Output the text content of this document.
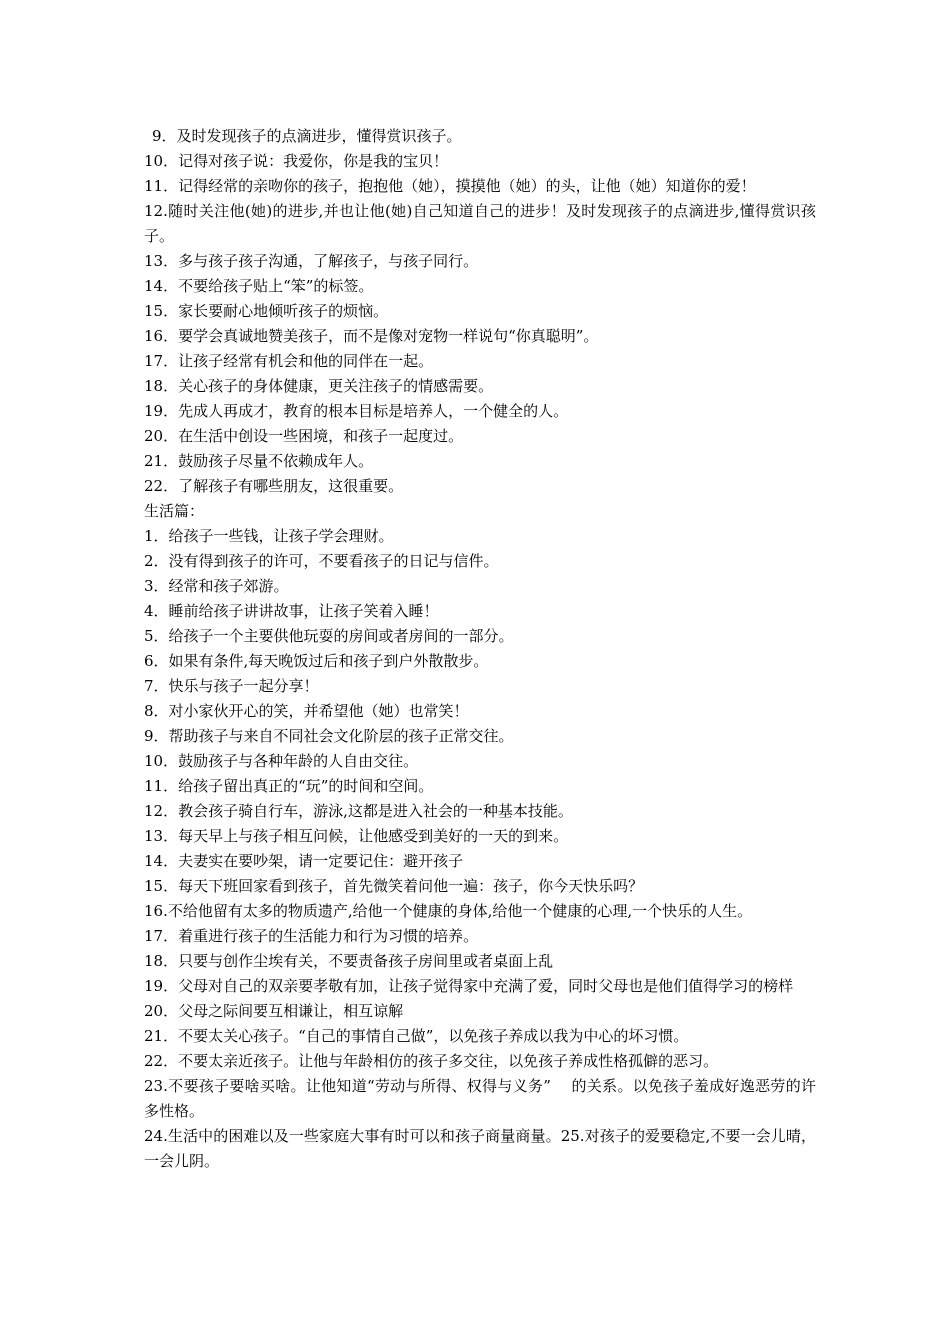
9．及时发现孩子的点滴进步，懂得赏识孩子。
10．记得对孩子说：我爱你，你是我的宝贝！
11．记得经常的亲吻你的孩子，抱抱他（她），摸摸他（她）的头，让他（她）知道你的爱！
12.随时关注他(她)的进步,并也让他(她)自己知道自己的进步！及时发现孩子的点滴进步,懂得赏识孩子。
13．多与孩子孩子沟通，了解孩子，与孩子同行。
14．不要给孩子贴上“笨”的标签。
15．家长要耐心地倾听孩子的烦恼。
16．要学会真诚地赞美孩子，而不是像对宠物一样说句“你真聪明”。
17．让孩子经常有机会和他的同伴在一起。
18．关心孩子的身体健康，更关注孩子的情感需要。
19．先成人再成才，教育的根本目标是培养人，一个健全的人。
20．在生活中创设一些困境，和孩子一起度过。
21．鼓励孩子尽量不依赖成年人。
22．了解孩子有哪些朋友，这很重要。
生活篇：
1．给孩子一些钱，让孩子学会理财。
2．没有得到孩子的许可，不要看孩子的日记与信件。
3．经常和孩子郊游。
4．睡前给孩子讲讲故事，让孩子笑着入睡！
5．给孩子一个主要供他玩耍的房间或者房间的一部分。
6．如果有条件,每天晚饭过后和孩子到户外散散步。
7．快乐与孩子一起分享！
8．对小家伙开心的笑，并希望他（她）也常笑！
9．帮助孩子与来自不同社会文化阶层的孩子正常交往。
10．鼓励孩子与各种年龄的人自由交往。
11．给孩子留出真正的“玩”的时间和空间。
12．教会孩子骑自行车，游泳,这都是进入社会的一种基本技能。
13．每天早上与孩子相互问候，让他感受到美好的一天的到来。
14．夫妻实在要吵架，请一定要记住：避开孩子
15．每天下班回家看到孩子，首先微笑着问他一遍：孩子，你今天快乐吗？
16.不给他留有太多的物质遗产,给他一个健康的身体,给他一个健康的心理,一个快乐的人生。
17．着重进行孩子的生活能力和行为习惯的培养。
18．只要与创作尘埃有关，不要责备孩子房间里或者桌面上乱
19．父母对自己的双亲要孝敬有加，让孩子觉得家中充满了爱，同时父母也是他们值得学习的榜样
20．父母之际间要互相谦让，相互谅解
21．不要太关心孩子。“自己的事情自己做”，以免孩子养成以我为中心的坏习惯。
22．不要太亲近孩子。让他与年龄相仿的孩子多交往，以免孩子养成性格孤僻的恶习。
23.不要孩子要啥买啥。让他知道“劳动与所得、权得与义务”　 的关系。以免孩子羞成好逸恶劳的许多性格。
24.生活中的困难以及一些家庭大事有时可以和孩子商量商量。25.对孩子的爱要稳定,不要一会儿晴，一会儿阴。
